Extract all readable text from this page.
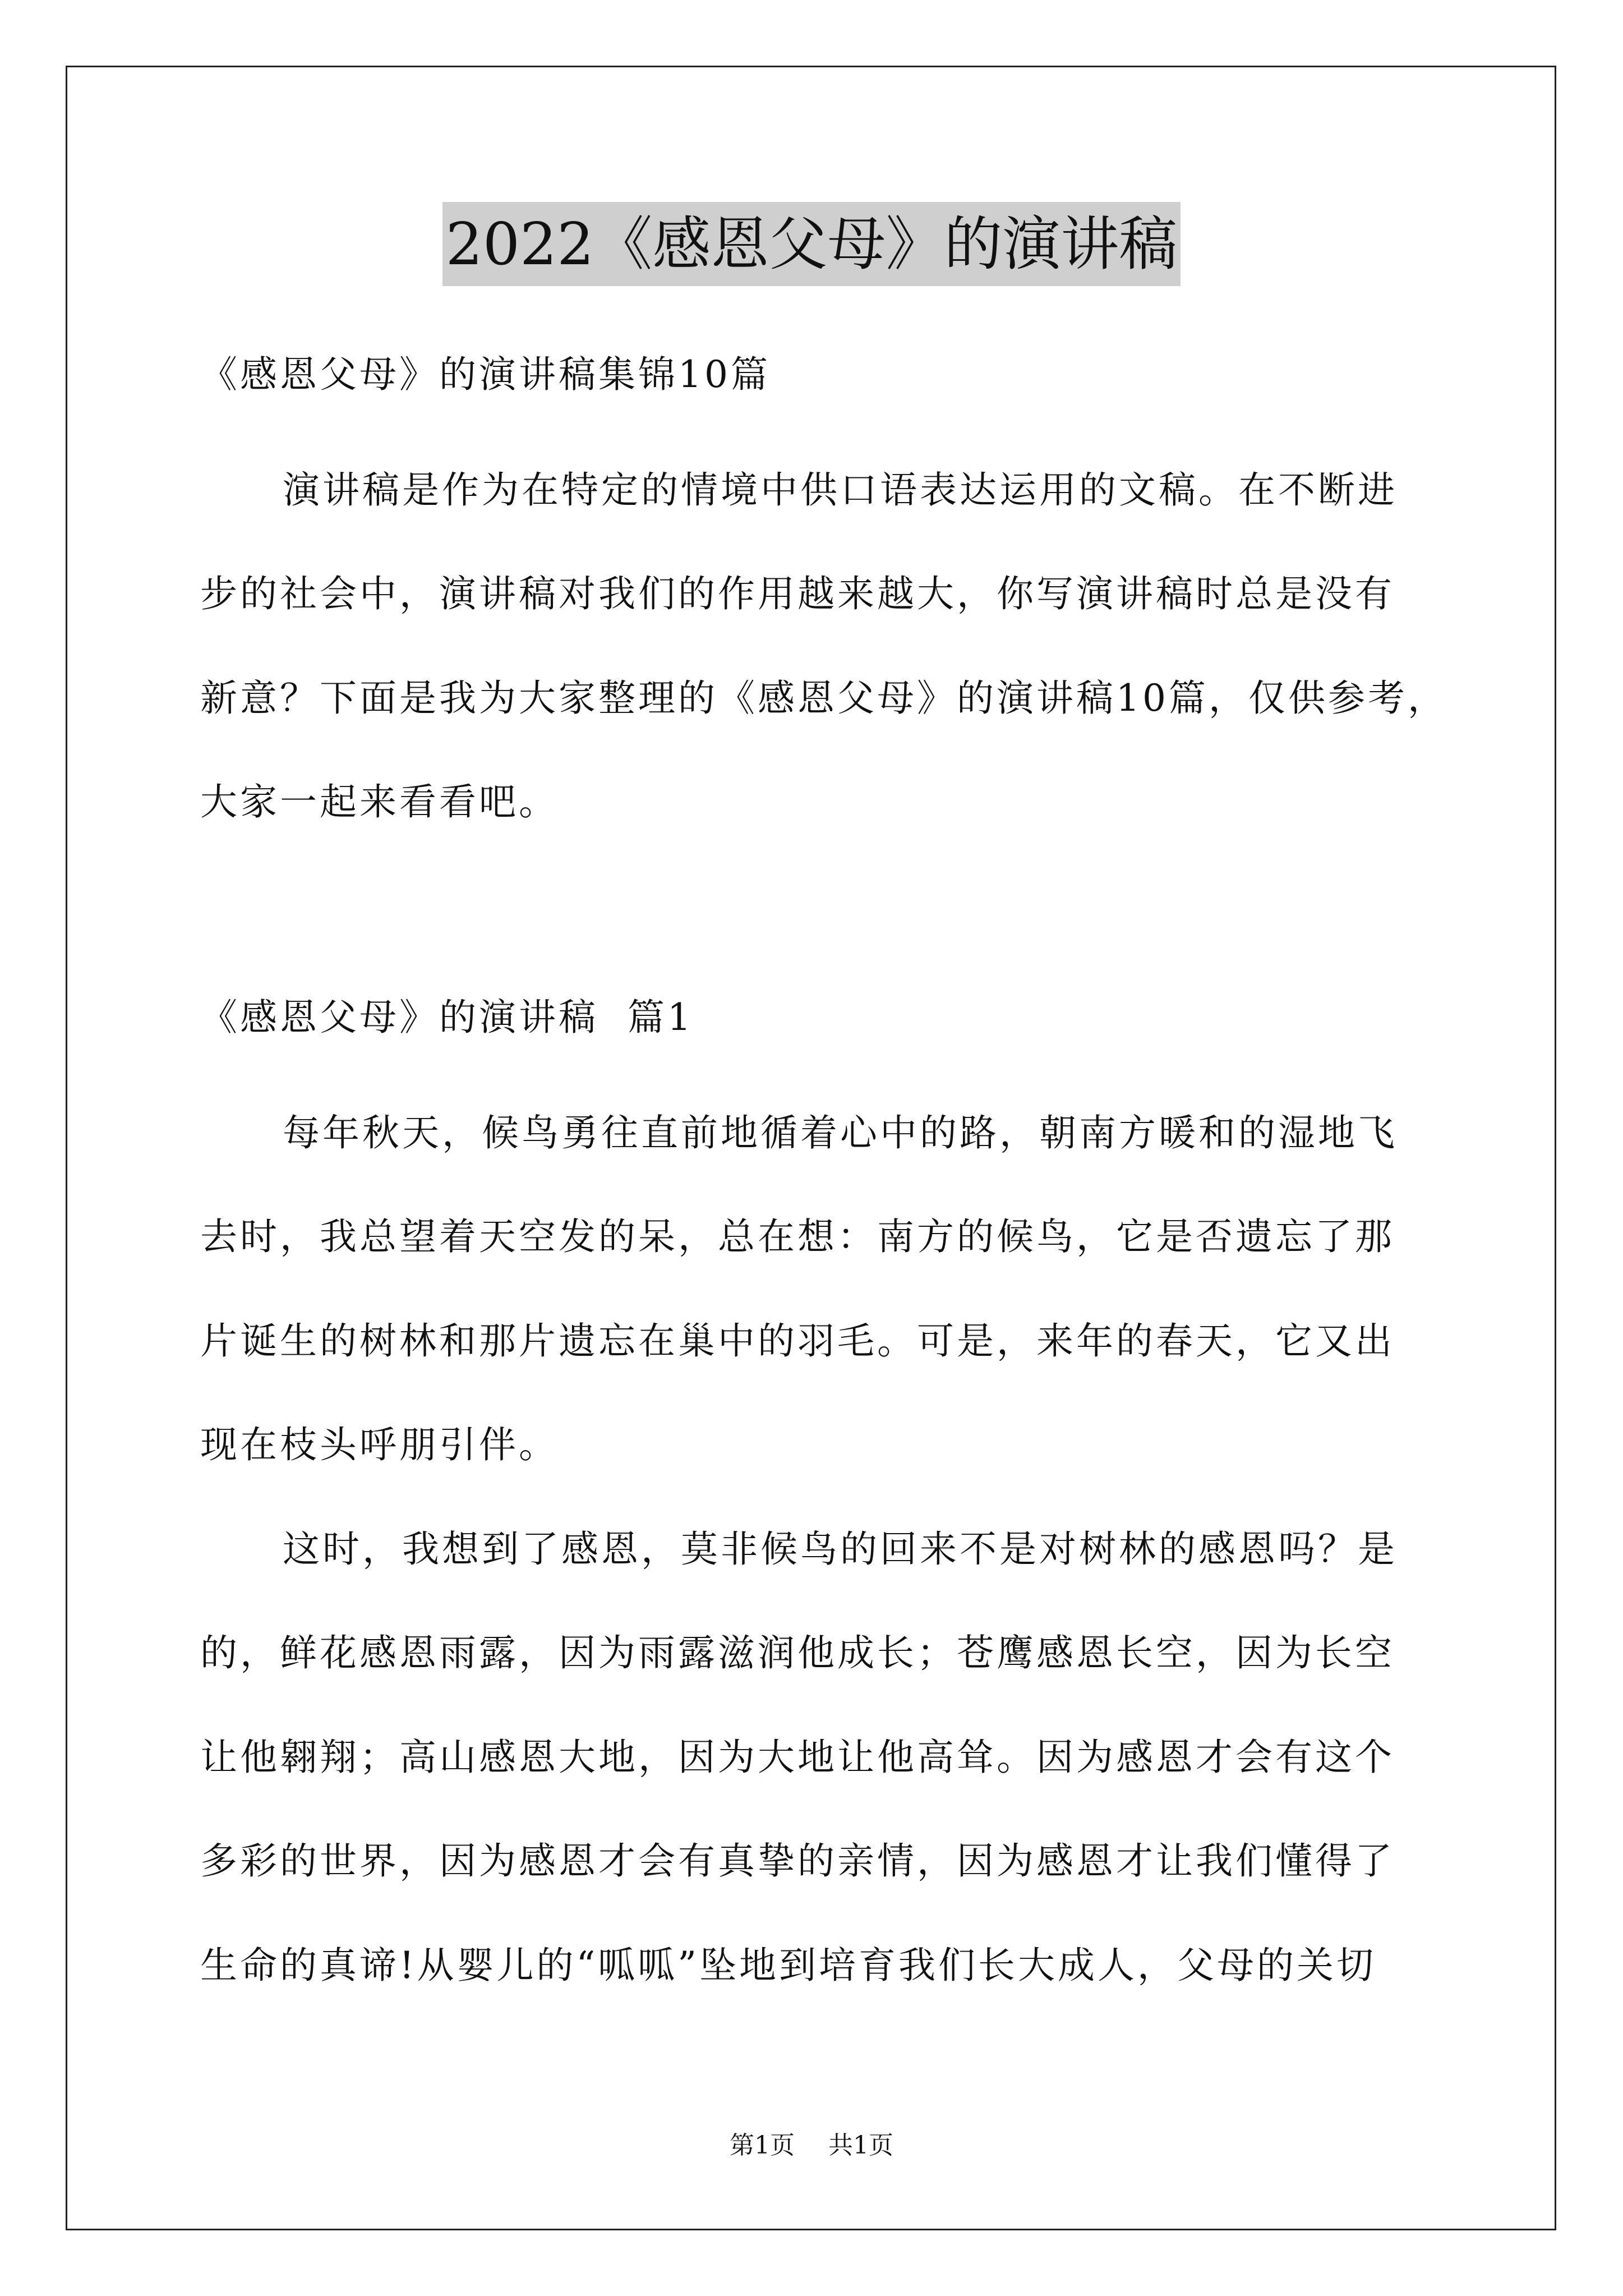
2022《感恩父母》的演讲稿
《感恩父母》的演讲稿集锦10篇
演讲稿是作为在特定的情境中供口语表达运用的文稿。在不断进
步的社会中，演讲稿对我们的作用越来越大，你写演讲稿时总是没有
新意？下面是我为大家整理的《感恩父母》的演讲稿10篇，仅供参考，
大家一起来看看吧。
《感恩父母》的演讲稿  篇1
每年秋天，候鸟勇往直前地循着心中的路，朝南方暖和的湿地飞
去时，我总望着天空发的呆，总在想：南方的候鸟，它是否遗忘了那
片诞生的树林和那片遗忘在巢中的羽毛。可是，来年的春天，它又出
现在枝头呼朋引伴。
这时，我想到了感恩，莫非候鸟的回来不是对树林的感恩吗？是
的，鲜花感恩雨露，因为雨露滋润他成长；苍鹰感恩长空，因为长空
让他翱翔；高山感恩大地，因为大地让他高耸。因为感恩才会有这个
多彩的世界，因为感恩才会有真挚的亲情，因为感恩才让我们懂得了
生命的真谛!从婴儿的“呱呱”坠地到培育我们长大成人，父母的关切
第1页 共1页
